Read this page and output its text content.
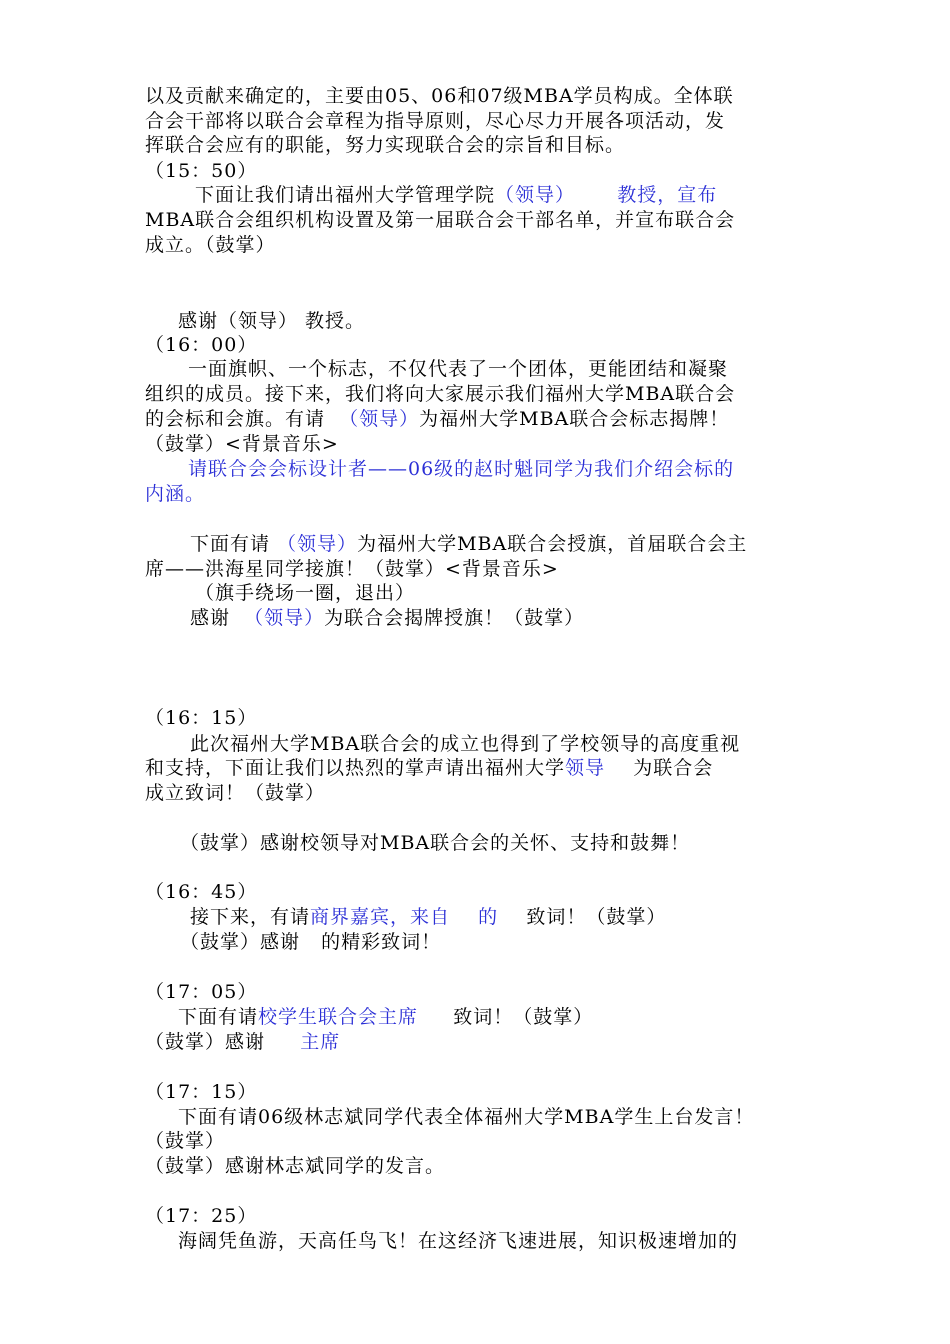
以及贡献来确定的，主要由05、06和07级MBA学员构成。全体联
合会干部将以联合会章程为指导原则，尽心尽力开展各项活动，发
挥联合会应有的职能，努力实现联合会的宗旨和目标。
（15：50）
下面让我们请出福州大学管理学院（领导） 教授，宣布
MBA联合会组织机构设置及第一届联合会干部名单，并宣布联合会
成立。（鼓掌）
感谢（领导） 教授。
（16：00）
一面旗帜、一个标志，不仅代表了一个团体，更能团结和凝聚
组织的成员。接下来，我们将向大家展示我们福州大学MBA联合会
的会标和会旗。有请  （领导）为福州大学MBA联合会标志揭牌！
（鼓掌）<背景音乐>
请联合会会标设计者——06级的赵时魁同学为我们介绍会标的
内涵。
下面有请 （领导）为福州大学MBA联合会授旗，首届联合会主
席——洪海星同学接旗！（鼓掌）<背景音乐>
（旗手绕场一圈，退出）
感谢  （领导）为联合会揭牌授旗！（鼓掌）
（16：15）
此次福州大学MBA联合会的成立也得到了学校领导的高度重视
和支持，下面让我们以热烈的掌声请出福州大学领导    为联合会
成立致词！（鼓掌）
（鼓掌）感谢校领导对MBA联合会的关怀、支持和鼓舞！
（16：45）
接下来，有请商界嘉宾，来自    的    致词！（鼓掌）
（鼓掌）感谢   的精彩致词！
（17：05）
下面有请校学生联合会主席     致词！（鼓掌）
（鼓掌）感谢     主席
（17：15）
下面有请06级林志斌同学代表全体福州大学MBA学生上台发言！
（鼓掌）
（鼓掌）感谢林志斌同学的发言。
（17：25）
海阔凭鱼游，天高任鸟飞！在这经济飞速进展，知识极速增加的
